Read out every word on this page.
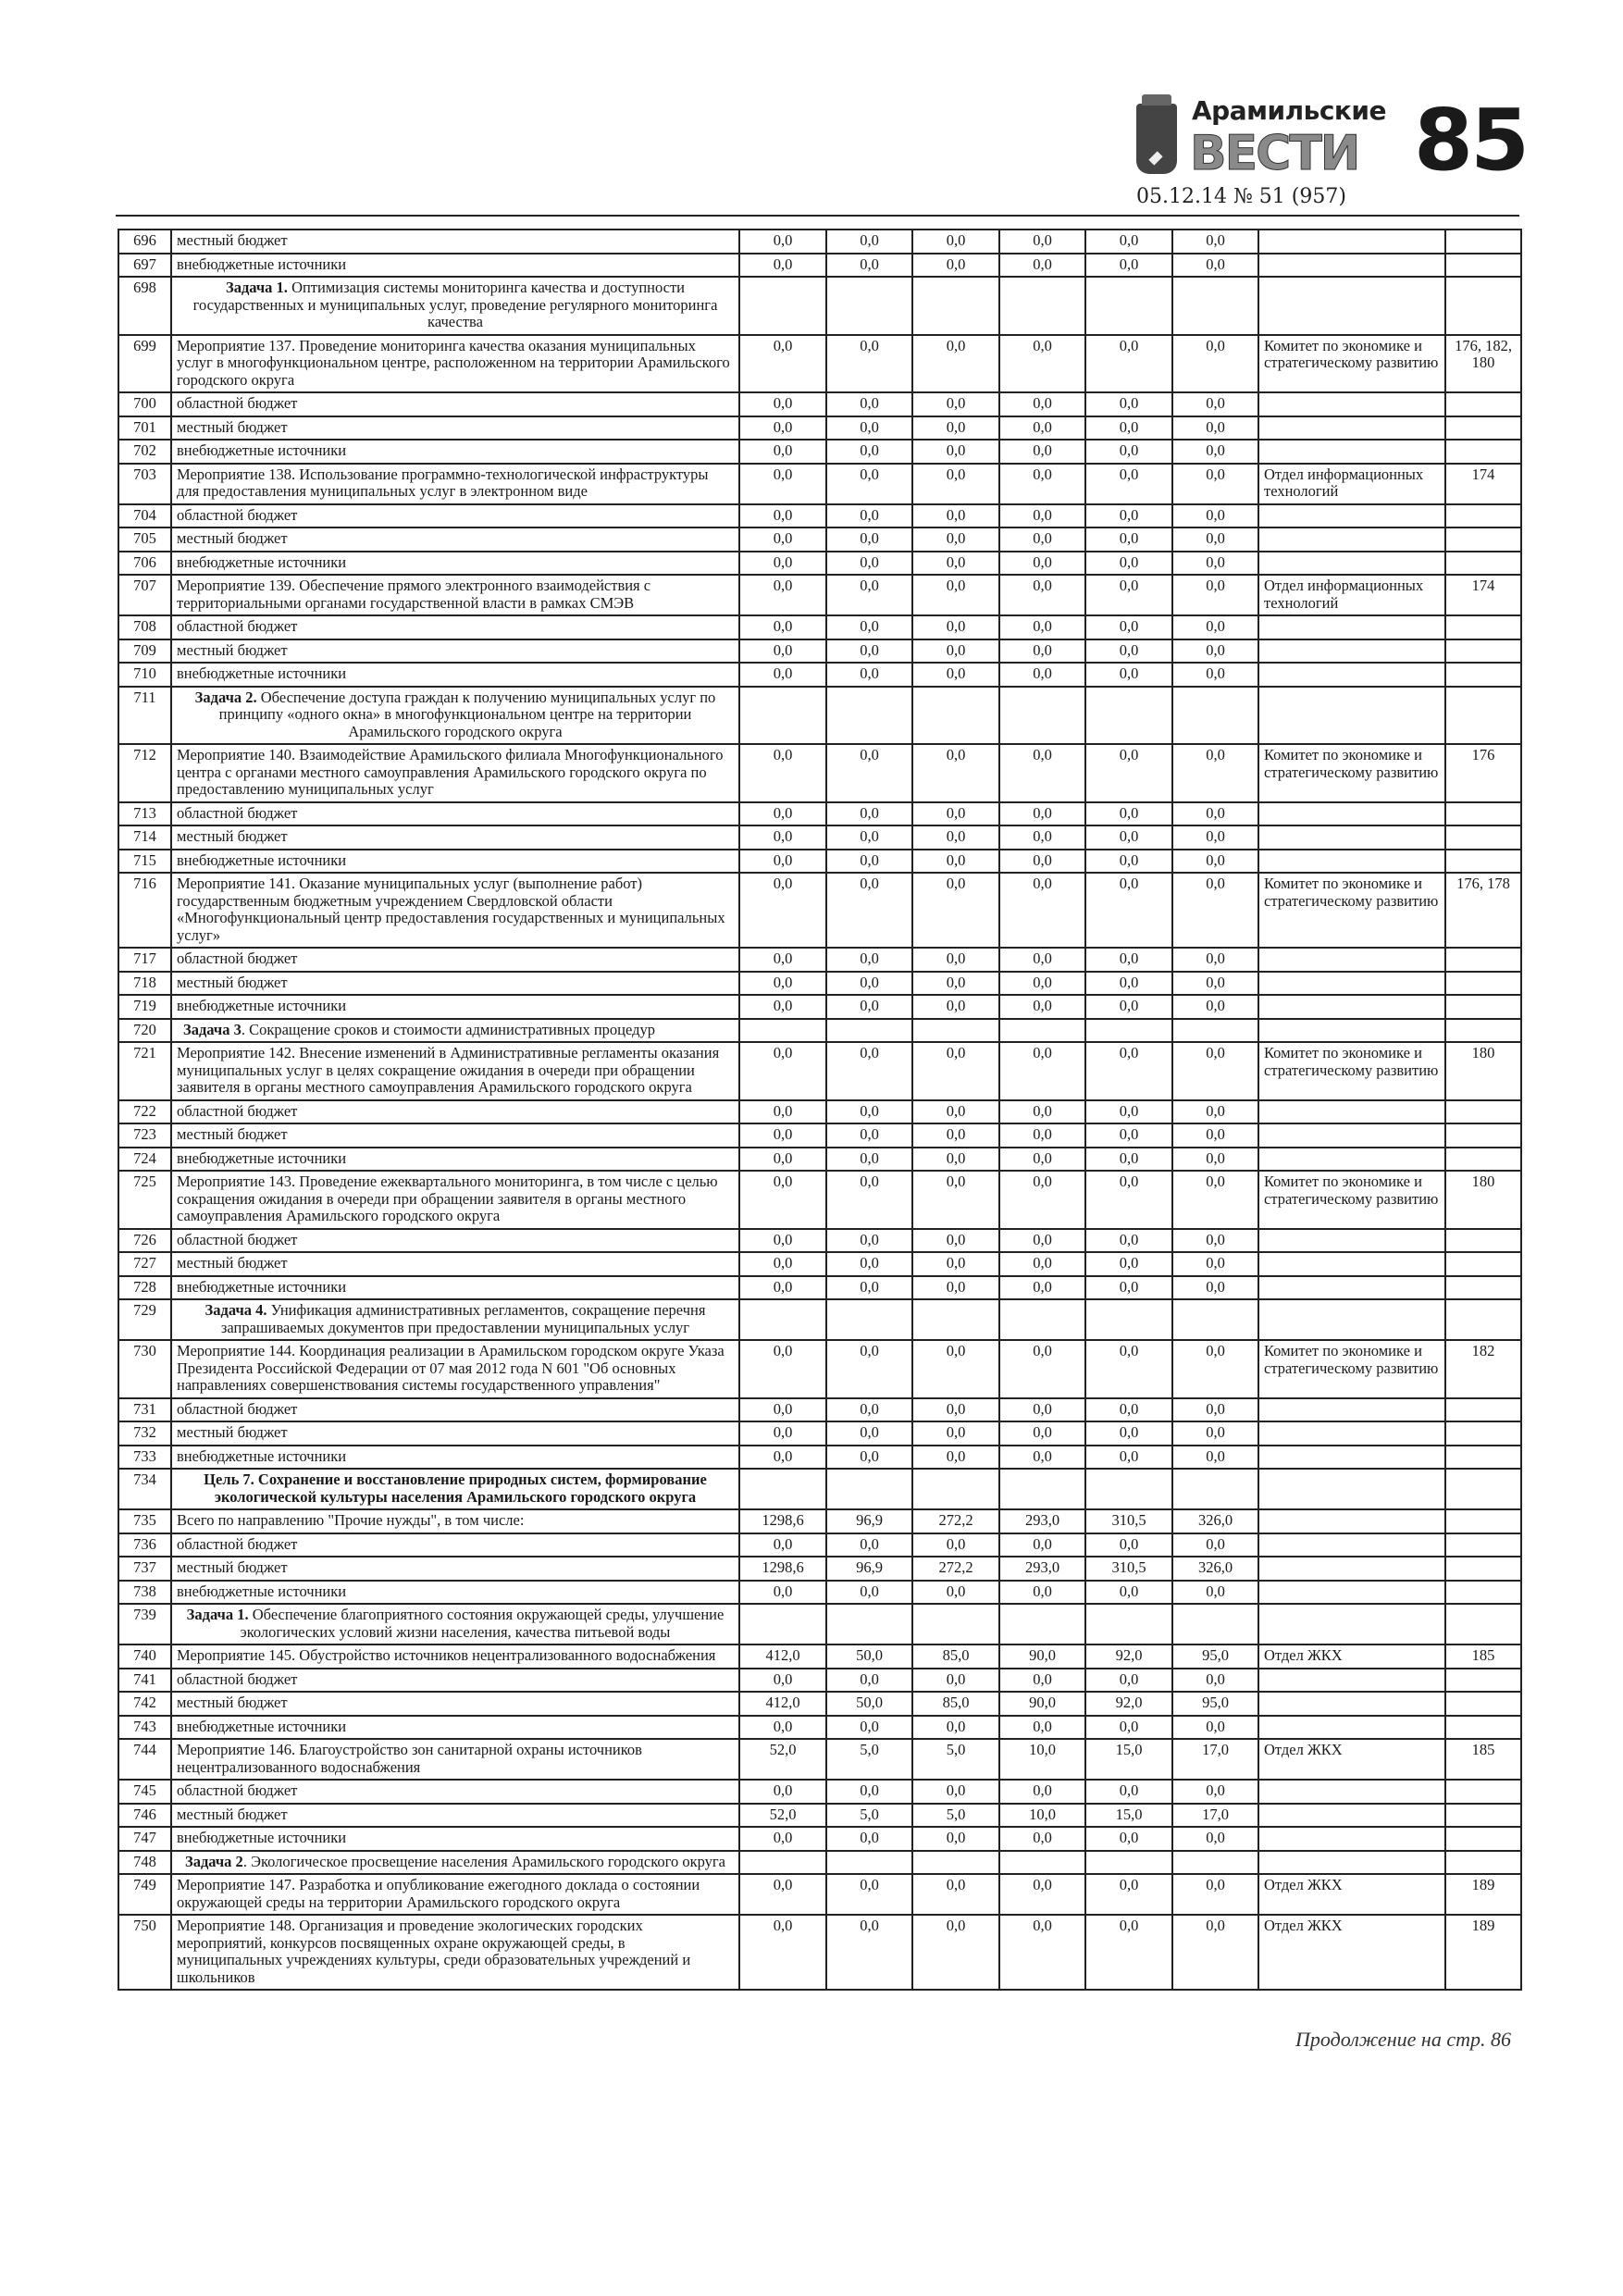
Арамильские
ВЕСТИ 85
05.12.14 № 51 (957)
696	местный бюджет	0,0	0,0	0,0	0,0	0,0	0,0		
697	внебюджетные источники	0,0	0,0	0,0	0,0	0,0	0,0		
698	Задача 1. Оптимизация системы мониторинга качества и доступности государственных и муниципальных услуг, проведение регулярного мониторинга качества								
699	Мероприятие 137. Проведение мониторинга качества оказания муниципальных услуг в многофункциональном центре, расположенном на территории Арамильского городского округа	0,0	0,0	0,0	0,0	0,0	0,0	Комитет по экономике и стратегическому развитию	176, 182, 180
700	областной бюджет	0,0	0,0	0,0	0,0	0,0	0,0		
701	местный бюджет	0,0	0,0	0,0	0,0	0,0	0,0		
702	внебюджетные источники	0,0	0,0	0,0	0,0	0,0	0,0		
703	Мероприятие 138. Использование программно-технологической инфраструктуры для предоставления муниципальных услуг в электронном виде	0,0	0,0	0,0	0,0	0,0	0,0	Отдел информационных технологий	174
704	областной бюджет	0,0	0,0	0,0	0,0	0,0	0,0		
705	местный бюджет	0,0	0,0	0,0	0,0	0,0	0,0		
706	внебюджетные источники	0,0	0,0	0,0	0,0	0,0	0,0		
707	Мероприятие 139. Обеспечение прямого электронного взаимодействия с территориальными органами государственной власти в рамках СМЭВ	0,0	0,0	0,0	0,0	0,0	0,0	Отдел информационных технологий	174
708	областной бюджет	0,0	0,0	0,0	0,0	0,0	0,0		
709	местный бюджет	0,0	0,0	0,0	0,0	0,0	0,0		
710	внебюджетные источники	0,0	0,0	0,0	0,0	0,0	0,0		
711	Задача 2. Обеспечение доступа граждан к получению муниципальных услуг по принципу «одного окна» в многофункциональном центре на территории Арамильского городского округа								
712	Мероприятие 140. Взаимодействие Арамильского филиала Многофункционального центра с органами местного самоуправления Арамильского городского округа по предоставлению муниципальных услуг	0,0	0,0	0,0	0,0	0,0	0,0	Комитет по экономике и стратегическому развитию	176
713	областной бюджет	0,0	0,0	0,0	0,0	0,0	0,0		
714	местный бюджет	0,0	0,0	0,0	0,0	0,0	0,0		
715	внебюджетные источники	0,0	0,0	0,0	0,0	0,0	0,0		
716	Мероприятие 141. Оказание муниципальных услуг (выполнение работ) государственным бюджетным учреждением Свердловской области «Многофункциональный центр предоставления государственных и муниципальных услуг»	0,0	0,0	0,0	0,0	0,0	0,0	Комитет по экономике и стратегическому развитию	176, 178
717	областной бюджет	0,0	0,0	0,0	0,0	0,0	0,0		
718	местный бюджет	0,0	0,0	0,0	0,0	0,0	0,0		
719	внебюджетные источники	0,0	0,0	0,0	0,0	0,0	0,0		
720	Задача 3. Сокращение сроков и стоимости административных процедур								
721	Мероприятие 142. Внесение изменений в Административные регламенты оказания муниципальных услуг в целях сокращение ожидания в очереди при обращении заявителя в органы местного самоуправления Арамильского городского округа	0,0	0,0	0,0	0,0	0,0	0,0	Комитет по экономике и стратегическому развитию	180
722	областной бюджет	0,0	0,0	0,0	0,0	0,0	0,0		
723	местный бюджет	0,0	0,0	0,0	0,0	0,0	0,0		
724	внебюджетные источники	0,0	0,0	0,0	0,0	0,0	0,0		
725	Мероприятие 143. Проведение ежеквартального мониторинга, в том числе с целью сокращения ожидания в очереди при обращении заявителя в органы местного самоуправления Арамильского городского округа	0,0	0,0	0,0	0,0	0,0	0,0	Комитет по экономике и стратегическому развитию	180
726	областной бюджет	0,0	0,0	0,0	0,0	0,0	0,0		
727	местный бюджет	0,0	0,0	0,0	0,0	0,0	0,0		
728	внебюджетные источники	0,0	0,0	0,0	0,0	0,0	0,0		
729	Задача 4. Унификация административных регламентов, сокращение перечня запрашиваемых документов при предоставлении муниципальных услуг								
730	Мероприятие 144. Координация реализации в Арамильском городском округе Указа Президента Российской Федерации от 07 мая 2012 года N 601 "Об основных направлениях совершенствования системы государственного управления"	0,0	0,0	0,0	0,0	0,0	0,0	Комитет по экономике и стратегическому развитию	182
731	областной бюджет	0,0	0,0	0,0	0,0	0,0	0,0		
732	местный бюджет	0,0	0,0	0,0	0,0	0,0	0,0		
733	внебюджетные источники	0,0	0,0	0,0	0,0	0,0	0,0		
734	Цель 7. Сохранение и восстановление природных систем, формирование экологической культуры населения Арамильского городского округа								
735	Всего по направлению "Прочие нужды", в том числе:	1298,6	96,9	272,2	293,0	310,5	326,0		
736	областной бюджет	0,0	0,0	0,0	0,0	0,0	0,0		
737	местный бюджет	1298,6	96,9	272,2	293,0	310,5	326,0		
738	внебюджетные источники	0,0	0,0	0,0	0,0	0,0	0,0		
739	Задача 1. Обеспечение благоприятного состояния окружающей среды, улучшение экологических условий жизни населения, качества питьевой воды								
740	Мероприятие 145. Обустройство источников нецентрализованного водоснабжения	412,0	50,0	85,0	90,0	92,0	95,0	Отдел ЖКХ	185
741	областной бюджет	0,0	0,0	0,0	0,0	0,0	0,0		
742	местный бюджет	412,0	50,0	85,0	90,0	92,0	95,0		
743	внебюджетные источники	0,0	0,0	0,0	0,0	0,0	0,0		
744	Мероприятие 146. Благоустройство зон санитарной охраны источников нецентрализованного водоснабжения	52,0	5,0	5,0	10,0	15,0	17,0	Отдел ЖКХ	185
745	областной бюджет	0,0	0,0	0,0	0,0	0,0	0,0		
746	местный бюджет	52,0	5,0	5,0	10,0	15,0	17,0		
747	внебюджетные источники	0,0	0,0	0,0	0,0	0,0	0,0		
748	Задача 2. Экологическое просвещение населения Арамильского городского округа								
749	Мероприятие 147. Разработка и опубликование ежегодного доклада о состоянии окружающей среды на территории Арамильского городского округа	0,0	0,0	0,0	0,0	0,0	0,0	Отдел ЖКХ	189
750	Мероприятие 148. Организация и проведение экологических городских мероприятий, конкурсов посвященных охране окружающей среды, в муниципальных учреждениях культуры, среди образовательных учреждений и школьников	0,0	0,0	0,0	0,0	0,0	0,0	Отдел ЖКХ	189
Продолжение на стр. 86
